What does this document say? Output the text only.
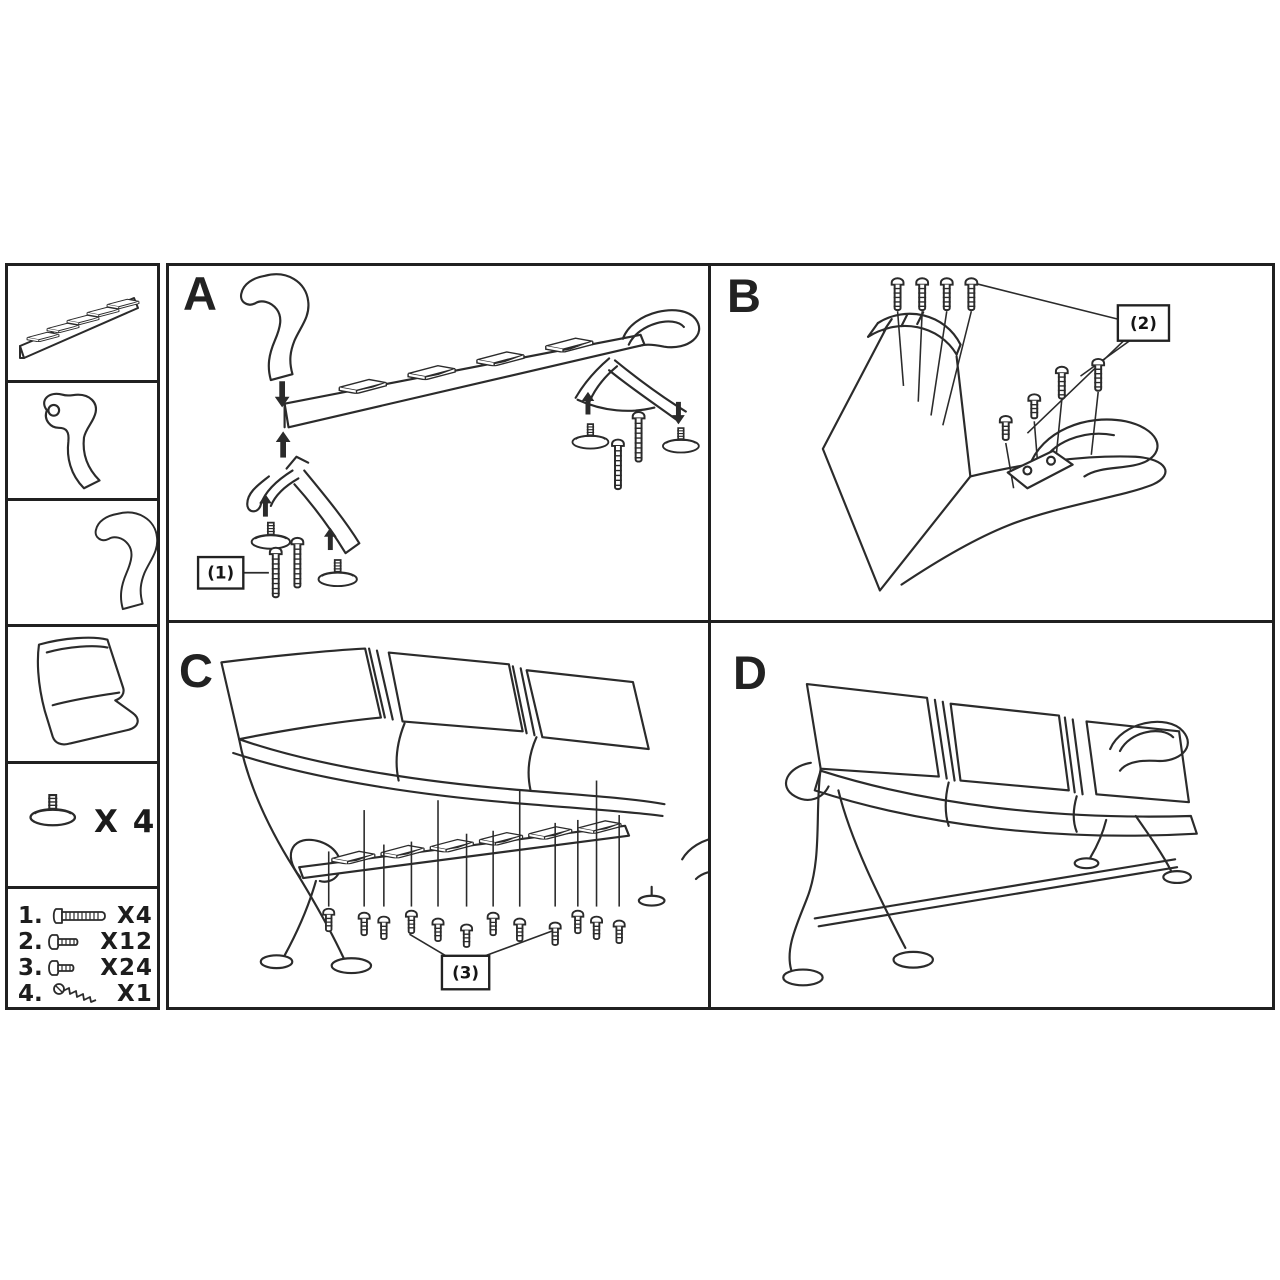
X 4
1.	X4
2.	X12
3.	X24
4.	X1
A
(1)
B
(2)
C
(3)
D
